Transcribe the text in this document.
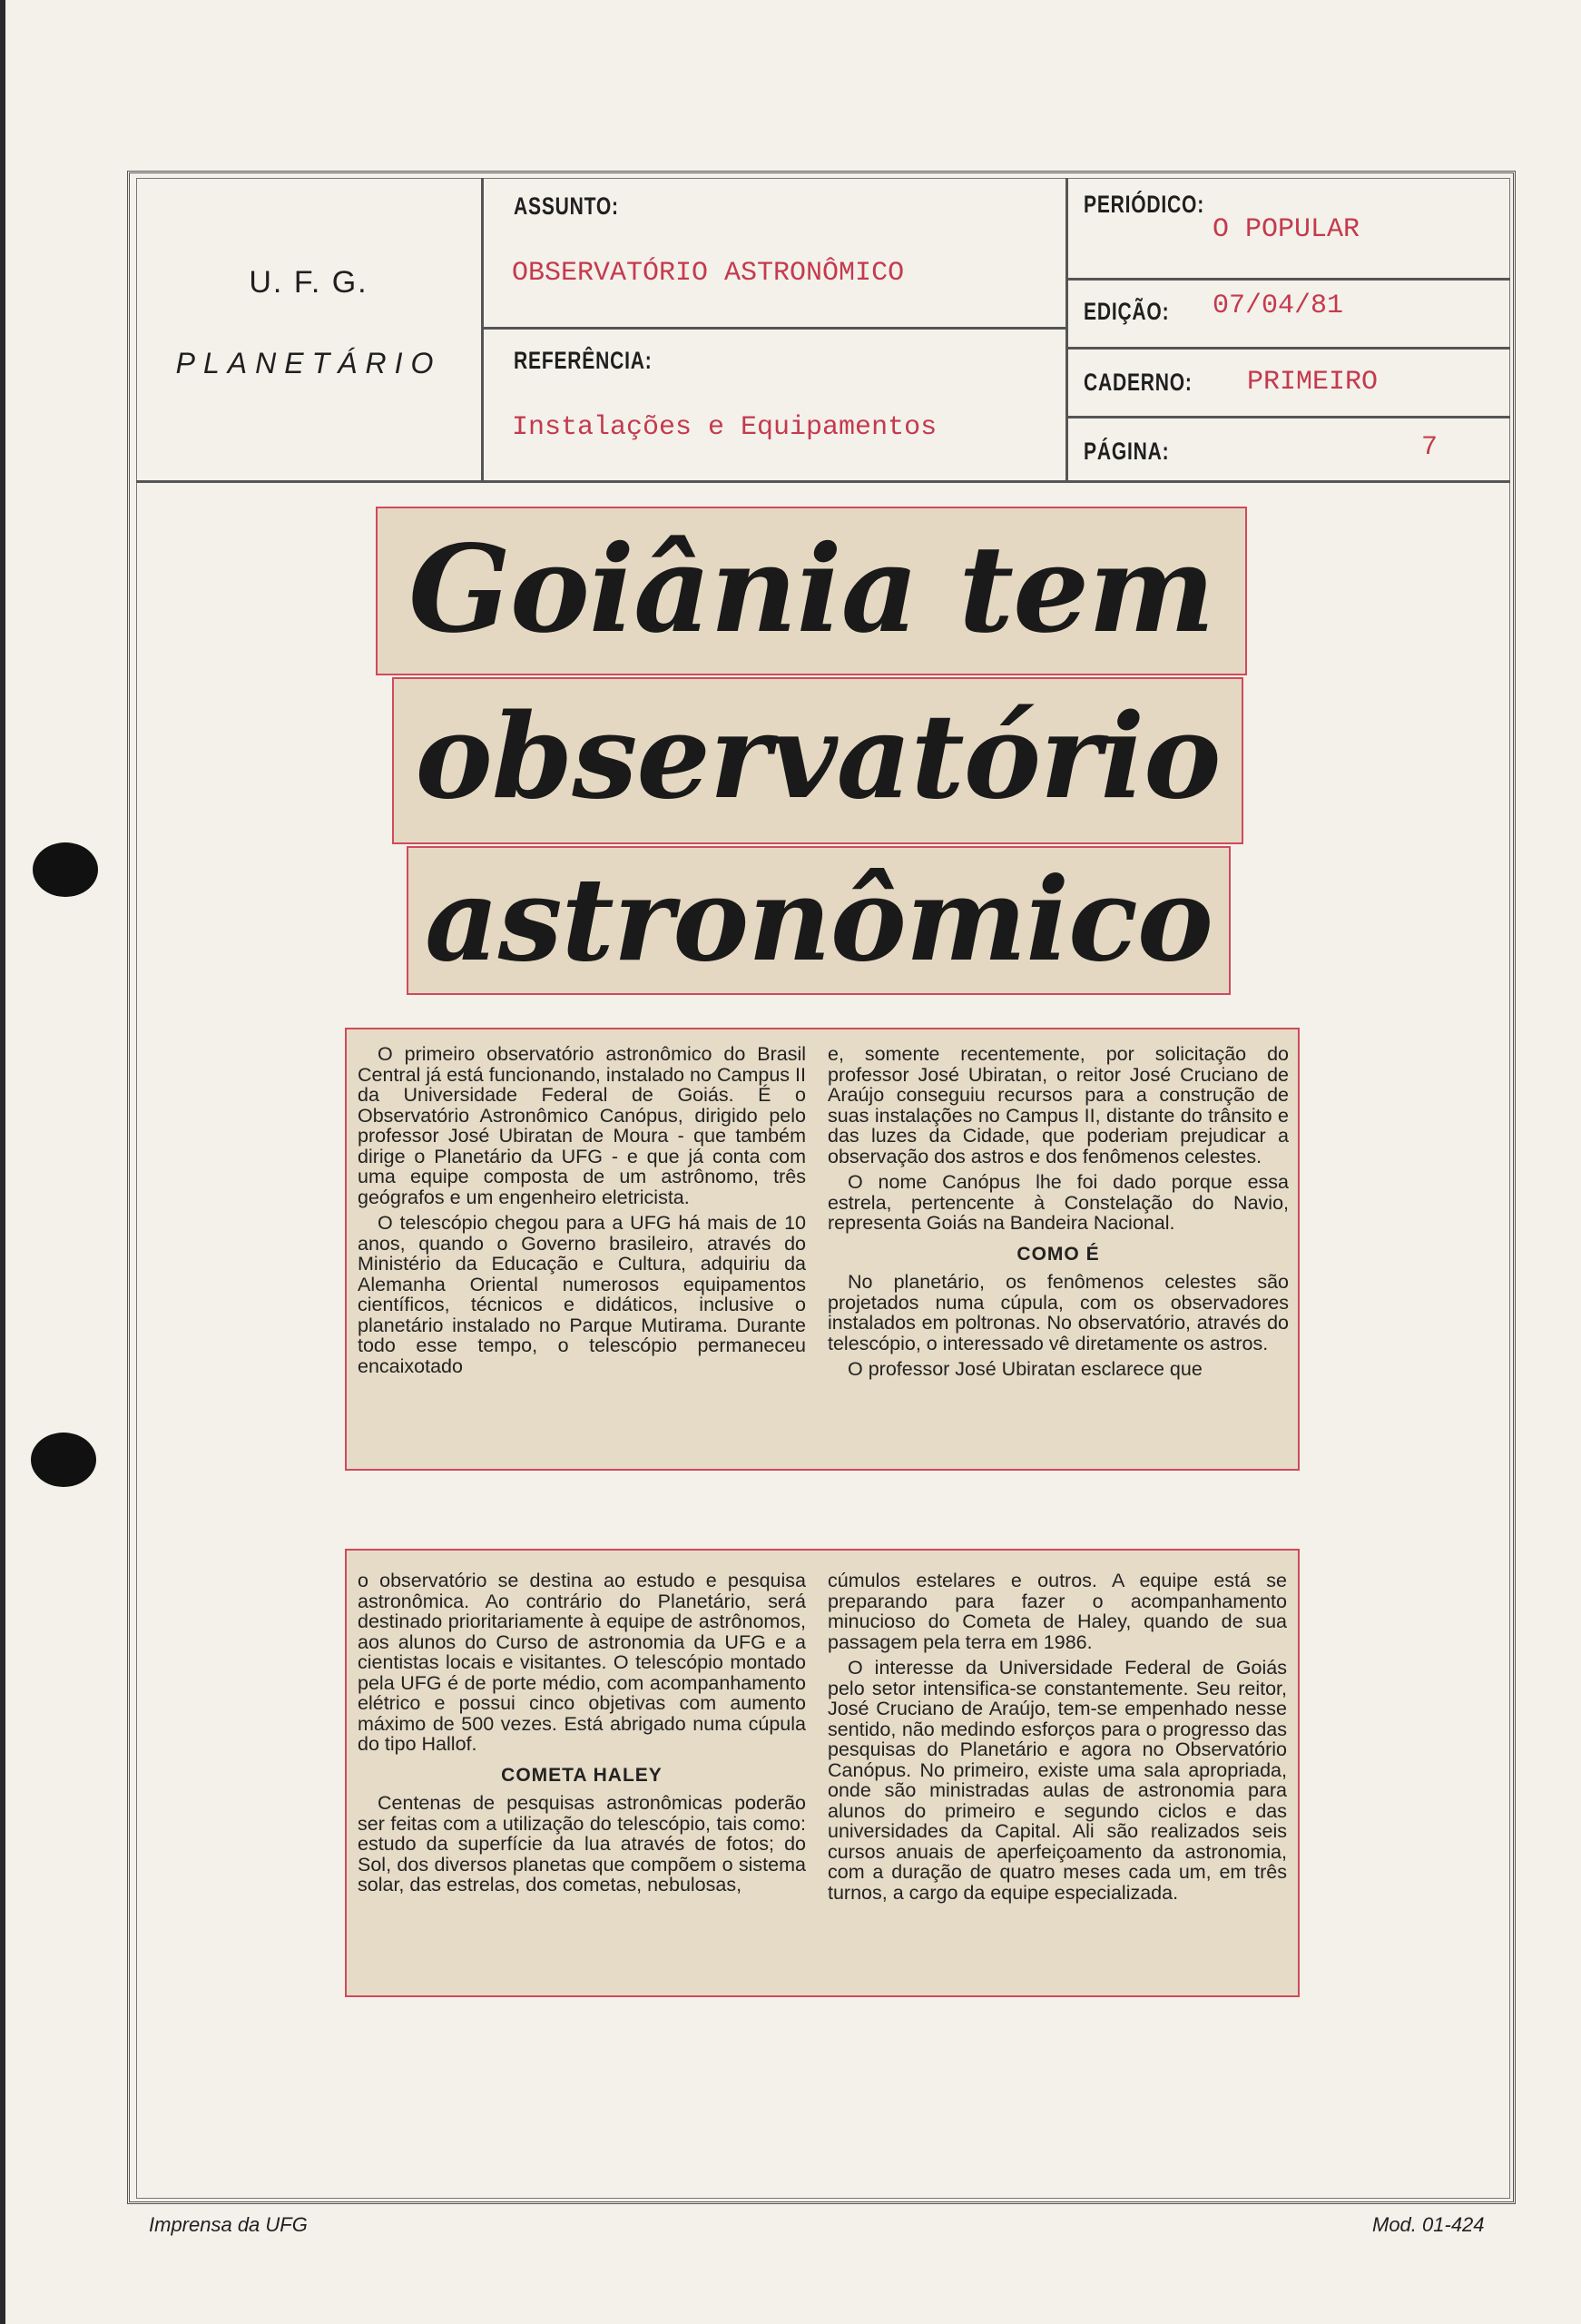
U. F. G.
PLANETÁRIO
ASSUNTO:
OBSERVATÓRIO ASTRONÔMICO
REFERÊNCIA:
Instalações e Equipamentos
PERIÓDICO:
O POPULAR
EDIÇÃO: 07/04/81
CADERNO: PRIMEIRO
PÁGINA:	7
Goiânia tem
observatório
astronômico

O primeiro observatório astronômico do Brasil Central já está funcionando, instalado no Campus II da Universidade Federal de Goiás. É o Observatório Astronômico Canópus, dirigido pelo professor José Ubiratan de Moura - que também dirige o Planetário da UFG - e que já conta com uma equipe composta de um astrônomo, três geógrafos e um engenheiro eletricista.

O telescópio chegou para a UFG há mais de 10 anos, quando o Governo brasileiro, através do Ministério da Educação e Cultura, adquiriu da Alemanha Oriental numerosos equipamentos científicos, técnicos e didáticos, inclusive o planetário instalado no Parque Mutirama. Durante todo esse tempo, o telescópio permaneceu encaixotado

e, somente recentemente, por solicitação do professor José Ubiratan, o reitor José Cruciano de Araújo conseguiu recursos para a construção de suas instalações no Campus II, distante do trânsito e das luzes da Cidade, que poderiam prejudicar a observação dos astros e dos fenômenos celestes.

O nome Canópus lhe foi dado porque essa estrela, pertencente à Constelação do Navio, representa Goiás na Bandeira Nacional.

COMO É

No planetário, os fenômenos celestes são projetados numa cúpula, com os observadores instalados em poltronas. No observatório, através do telescópio, o interessado vê diretamente os astros.

O professor José Ubiratan esclarece que

o observatório se destina ao estudo e pesquisa astronômica. Ao contrário do Planetário, será destinado prioritariamente à equipe de astrônomos, aos alunos do Curso de astronomia da UFG e a cientistas locais e visitantes. O telescópio montado pela UFG é de porte médio, com acompanhamento elétrico e possui cinco objetivas com aumento máximo de 500 vezes. Está abrigado numa cúpula do tipo Hallof.

COMETA HALEY

Centenas de pesquisas astronômicas poderão ser feitas com a utilização do telescópio, tais como: estudo da superfície da lua através de fotos; do Sol, dos diversos planetas que compõem o sistema solar, das estrelas, dos cometas, nebulosas,

cúmulos estelares e outros. A equipe está se preparando para fazer o acompanhamento minucioso do Cometa de Haley, quando de sua passagem pela terra em 1986.

O interesse da Universidade Federal de Goiás pelo setor intensifica-se constantemente. Seu reitor, José Cruciano de Araújo, tem-se empenhado nesse sentido, não medindo esforços para o progresso das pesquisas do Planetário e agora no Observatório Canópus. No primeiro, existe uma sala apropriada, onde são ministradas aulas de astronomia para alunos do primeiro e segundo ciclos e das universidades da Capital. Ali são realizados seis cursos anuais de aperfeiçoamento da astronomia, com a duração de quatro meses cada um, em três turnos, a cargo da equipe especializada.

Imprensa da UFG	Mod. 01-424
